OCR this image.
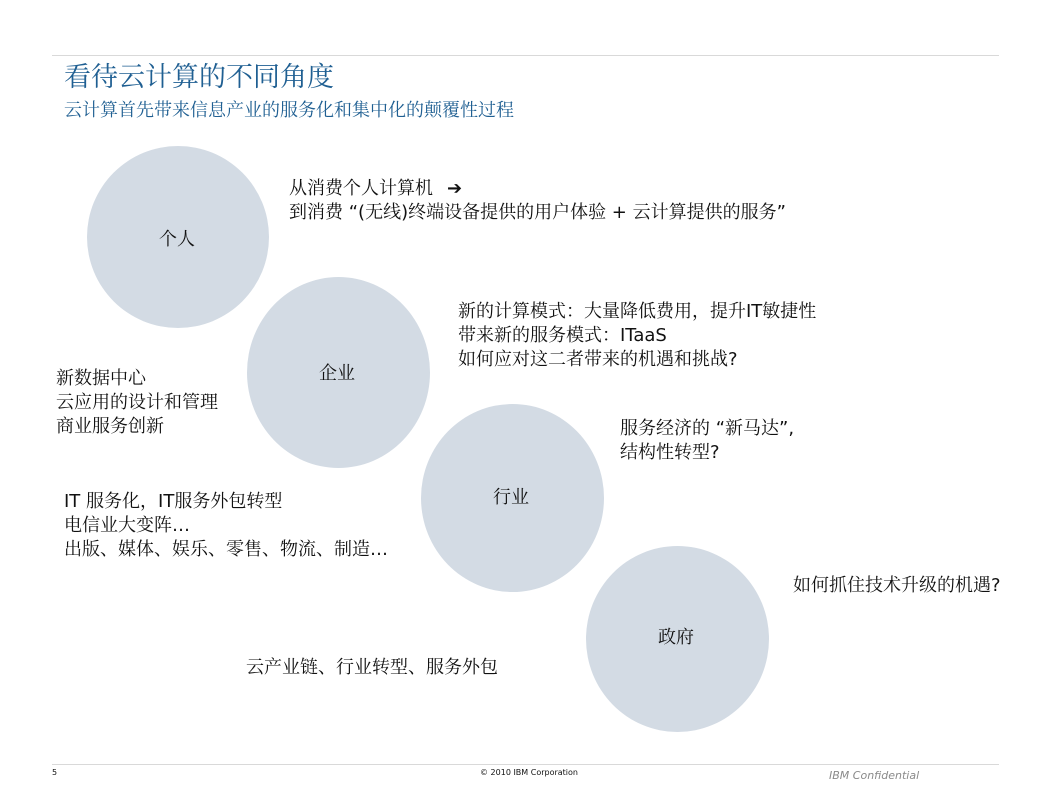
看待云计算的不同角度
云计算首先带来信息产业的服务化和集中化的颠覆性过程
个人
企业
行业
政府
从消费个人计算机 ➔
到消费 “(无线)终端设备提供的用户体验 + 云计算提供的服务”
新的计算模式：大量降低费用，提升IT敏捷性
带来新的服务模式：ITaaS
如何应对这二者带来的机遇和挑战?
新数据中心
云应用的设计和管理
商业服务创新	服务经济的 “新马达”,
结构性转型?
IT 服务化，IT服务外包转型
电信业大变阵…
出版、媒体、娱乐、零售、物流、制造…
如何抓住技术升级的机遇?
云产业链、行业转型、服务外包
5	© 2010 IBM Corporation	IBM Confidential
